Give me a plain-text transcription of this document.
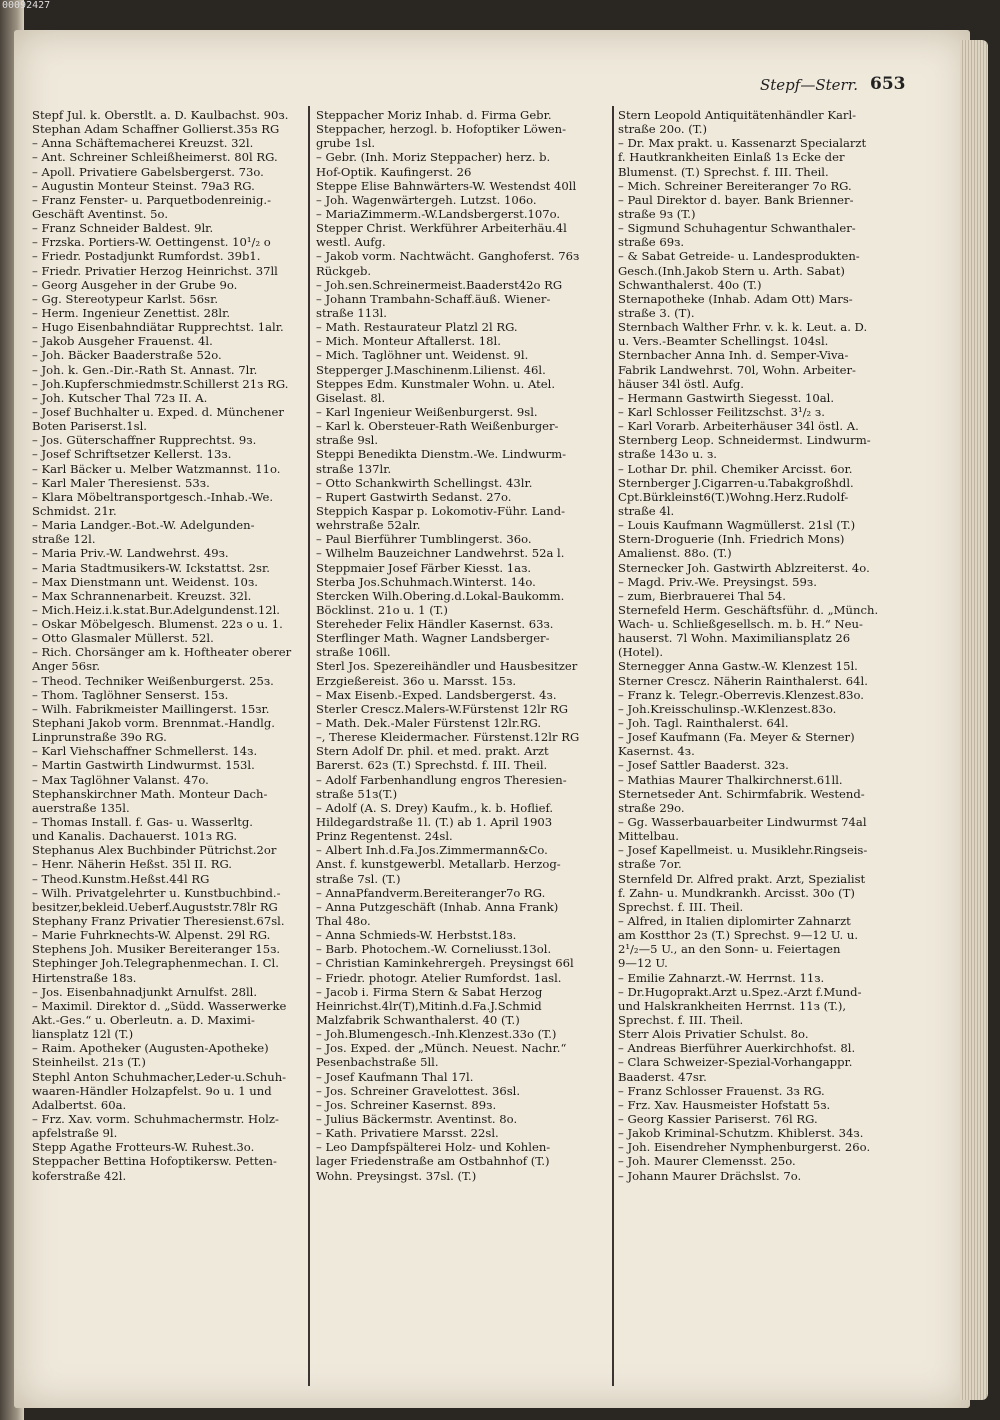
00092427
Stepf—Sterr. 653
Stepf Jul. k. Oberstlt. a. D. Kaulbachst. 90з.
Stephan Adam Schaffner Gollierst.35з RG
– Anna Schäftemacherei Kreuzst. 32l.
– Ant. Schreiner Schleißheimerst. 80l RG.
– Apoll. Privatiere Gabelsbergerst. 73o.
– Augustin Monteur Steinst. 79a3 RG.
– Franz Fenster- u. Parquetbodenreinig.-
Geschäft Aventinst. 5o.
– Franz Schneider Baldest. 9lr.
– Frzska. Portiers-W. Oettingenst. 10¹/₂ o
– Friedr. Postadjunkt Rumfordst. 39b1.
– Friedr. Privatier Herzog Heinrichst. 37ll
– Georg Ausgeher in der Grube 9o.
– Gg. Stereotypeur Karlst. 56sr.
– Herm. Ingenieur Zenettist. 28lr.
– Hugo Eisenbahndiätar Rupprechtst. 1alr.
– Jakob Ausgeher Frauenst. 4l.
– Joh. Bäcker Baaderstraße 52o.
– Joh. k. Gen.-Dir.-Rath St. Annast. 7lr.
– Joh.Kupferschmiedmstr.Schillerst 21з RG.
– Joh. Kutscher Thal 72з II. A.
– Josef Buchhalter u. Exped. d. Münchener
Boten Pariserst.1sl.
– Jos. Güterschaffner Rupprechtst. 9з.
– Josef Schriftsetzer Kellerst. 13з.
– Karl Bäcker u. Melber Watzmannst. 11o.
– Karl Maler Theresienst. 53з.
– Klara Möbeltransportgesch.-Inhab.-We.
Schmidst. 21r.
– Maria Landger.-Bot.-W. Adelgunden-
straße 12l.
– Maria Priv.-W. Landwehrst. 49з.
– Maria Stadtmusikers-W. Ickstattst. 2sr.
– Max Dienstmann unt. Weidenst. 10з.
– Max Schrannenarbeit. Kreuzst. 32l.
– Mich.Heiz.i.k.stat.Bur.Adelgundenst.12l.
– Oskar Möbelgesch. Blumenst. 22з o u. 1.
– Otto Glasmaler Müllerst. 52l.
– Rich. Chorsänger am k. Hoftheater oberer
Anger 56sr.
– Theod. Techniker Weißenburgerst. 25з.
– Thom. Taglöhner Senserst. 15з.
– Wilh. Fabrikmeister Maillingerst. 15зr.
Stephani Jakob vorm. Brennmat.-Handlg.
Linprunstraße 39o RG.
– Karl Viehschaffner Schmellerst. 14з.
– Martin Gastwirth Lindwurmst. 153l.
– Max Taglöhner Valanst. 47o.
Stephanskirchner Math. Monteur Dach-
auerstraße 135l.
– Thomas Install. f. Gas- u. Wasserltg.
und Kanalis. Dachauerst. 101з RG.
Stephanus Alex Buchbinder Pütrichst.2or
– Henr. Näherin Heßst. 35l II. RG.
– Theod.Kunstm.Heßst.44l RG
– Wilh. Privatgelehrter u. Kunstbuchbind.-
besitzer,bekleid.Ueberf.Auguststr.78lr RG
Stephany Franz Privatier Theresienst.67sl.
– Marie Fuhrknechts-W. Alpenst. 29l RG.
Stephens Joh. Musiker Bereiteranger 15з.
Stephinger Joh.Telegraphenmechan. I. Cl.
Hirtenstraße 18з.
– Jos. Eisenbahnadjunkt Arnulfst. 28ll.
– Maximil. Direktor d. „Südd. Wasserwerke
Akt.-Ges.“ u. Oberleutn. a. D. Maximi-
liansplatz 12l (T.)
– Raim. Apotheker (Augusten-Apotheke)
Steinheilst. 21з (T.)
Stephl Anton Schuhmacher,Leder-u.Schuh-
waaren-Händler Holzapfelst. 9o u. 1 und
Adalbertst. 60a.
– Frz. Xav. vorm. Schuhmachermstr. Holz-
apfelstraße 9l.
Stepp Agathe Frotteurs-W. Ruhest.3o.
Steppacher Bettina Hofoptikersw. Petten-
koferstraße 42l.
Steppacher Moriz Inhab. d. Firma Gebr.
Steppacher, herzogl. b. Hofoptiker Löwen-
grube 1sl.
– Gebr. (Inh. Moriz Steppacher) herz. b.
Hof-Optik. Kaufingerst. 26
Steppe Elise Bahnwärters-W. Westendst 40ll
– Joh. Wagenwärtergeh. Lutzst. 106o.
– MariaZimmerm.-W.Landsbergerst.107o.
Stepper Christ. Werkführer Arbeiterhäu.4l
westl. Aufg.
– Jakob vorm. Nachtwächt. Ganghoferst. 76з
Rückgeb.
– Joh.sen.Schreinermeist.Baaderst42o RG
– Johann Trambahn-Schaff.äuß. Wiener-
straße 113l.
– Math. Restaurateur Platzl 2l RG.
– Mich. Monteur Aftallerst. 18l.
– Mich. Taglöhner unt. Weidenst. 9l.
Stepperger J.Maschinenm.Lilienst. 46l.
Steppes Edm. Kunstmaler Wohn. u. Atel.
Giselast. 8l.
– Karl Ingenieur Weißenburgerst. 9sl.
– Karl k. Obersteuer-Rath Weißenburger-
straße 9sl.
Steppi Benedikta Dienstm.-We. Lindwurm-
straße 137lr.
– Otto Schankwirth Schellingst. 43lr.
– Rupert Gastwirth Sedanst. 27o.
Steppich Kaspar p. Lokomotiv-Führ. Land-
wehrstraße 52alr.
– Paul Bierführer Tumblingerst. 36o.
– Wilhelm Bauzeichner Landwehrst. 52a l.
Steppmaier Josef Färber Kiesst. 1aз.
Sterba Jos.Schuhmach.Winterst. 14o.
Stercken Wilh.Obering.d.Lokal-Baukomm.
Böcklinst. 21o u. 1 (T.)
Stereheder Felix Händler Kasernst. 63з.
Sterflinger Math. Wagner Landsberger-
straße 106ll.
Sterl Jos. Spezereihändler und Hausbesitzer
Erzgießereist. 36o u. Marsst. 15з.
– Max Eisenb.-Exped. Landsbergerst. 4з.
Sterler Crescz.Malers-W.Fürstenst 12lr RG
– Math. Dek.-Maler Fürstenst 12lr.RG.
–, Therese Kleidermacher. Fürstenst.12lr RG
Stern Adolf Dr. phil. et med. prakt. Arzt
Barerst. 62з (T.) Sprechstd. f. III. Theil.
– Adolf Farbenhandlung engros Theresien-
straße 51з(T.)
– Adolf (A. S. Drey) Kaufm., k. b. Hoflief.
Hildegardstraße 1l. (T.) ab 1. April 1903
Prinz Regentenst. 24sl.
– Albert Inh.d.Fa.Jos.Zimmermann&Co.
Anst. f. kunstgewerbl. Metallarb. Herzog-
straße 7sl. (T.)
– AnnaPfandverm.Bereiteranger7o RG.
– Anna Putzgeschäft (Inhab. Anna Frank)
Thal 48o.
– Anna Schmieds-W. Herbstst.18з.
– Barb. Photochem.-W. Corneliusst.13ol.
– Christian Kaminkehrergeh. Preysingst 66l
– Friedr. photogr. Atelier Rumfordst. 1asl.
– Jacob i. Firma Stern & Sabat Herzog
Heinrichst.4lr(T),Mitinh.d.Fa.J.Schmid
Malzfabrik Schwanthalerst. 40 (T.)
– Joh.Blumengesch.-Inh.Klenzest.33o (T.)
– Jos. Exped. der „Münch. Neuest. Nachr.“
Pesenbachstraße 5ll.
– Josef Kaufmann Thal 17l.
– Jos. Schreiner Gravelottest. 36sl.
– Jos. Schreiner Kasernst. 89з.
– Julius Bäckermstr. Aventinst. 8o.
– Kath. Privatiere Marsst. 22sl.
– Leo Dampfspälterei Holz- und Kohlen-
lager Friedenstraße am Ostbahnhof (T.)
Wohn. Preysingst. 37sl. (T.)
Stern Leopold Antiquitätenhändler Karl-
straße 20o. (T.)
– Dr. Max prakt. u. Kassenarzt Specialarzt
f. Hautkrankheiten Einlaß 1з Ecke der
Blumenst. (T.) Sprechst. f. III. Theil.
– Mich. Schreiner Bereiteranger 7o RG.
– Paul Direktor d. bayer. Bank Brienner-
straße 9з (T.)
– Sigmund Schuhagentur Schwanthaler-
straße 69з.
– & Sabat Getreide- u. Landesprodukten-
Gesch.(Inh.Jakob Stern u. Arth. Sabat)
Schwanthalerst. 40o (T.)
Sternapotheke (Inhab. Adam Ott) Mars-
straße 3. (T).
Sternbach Walther Frhr. v. k. k. Leut. a. D.
u. Vers.-Beamter Schellingst. 104sl.
Sternbacher Anna Inh. d. Semper-Viva-
Fabrik Landwehrst. 70l, Wohn. Arbeiter-
häuser 34l östl. Aufg.
– Hermann Gastwirth Siegesst. 10al.
– Karl Schlosser Feilitzschst. 3¹/₂ з.
– Karl Vorarb. Arbeiterhäuser 34l östl. A.
Sternberg Leop. Schneidermst. Lindwurm-
straße 143o u. з.
– Lothar Dr. phil. Chemiker Arcisst. 6or.
Sternberger J.Cigarren-u.Tabakgroßhdl.
Cpt.Bürkleinst6(T.)Wohng.Herz.Rudolf-
straße 4l.
– Louis Kaufmann Wagmüllerst. 21sl (T.)
Stern-Droguerie (Inh. Friedrich Mons)
Amalienst. 88o. (T.)
Sternecker Joh. Gastwirth Ablzreiterst. 4o.
– Magd. Priv.-We. Preysingst. 59з.
– zum, Bierbrauerei Thal 54.
Sternefeld Herm. Geschäftsführ. d. „Münch.
Wach- u. Schließgesellsch. m. b. H.“ Neu-
hauserst. 7l Wohn. Maximiliansplatz 26
(Hotel).
Sternegger Anna Gastw.-W. Klenzest 15l.
Sterner Crescz. Näherin Rainthalerst. 64l.
– Franz k. Telegr.-Oberrevis.Klenzest.83o.
– Joh.Kreisschulinsp.-W.Klenzest.83o.
– Joh. Tagl. Rainthalerst. 64l.
– Josef Kaufmann (Fa. Meyer & Sterner)
Kasernst. 4з.
– Josef Sattler Baaderst. 32з.
– Mathias Maurer Thalkirchnerst.61ll.
Sternetseder Ant. Schirmfabrik. Westend-
straße 29o.
– Gg. Wasserbauarbeiter Lindwurmst 74al
Mittelbau.
– Josef Kapellmeist. u. Musiklehr.Ringseis-
straße 7or.
Sternfeld Dr. Alfred prakt. Arzt, Spezialist
f. Zahn- u. Mundkrankh. Arcisst. 30o (T)
Sprechst. f. III. Theil.
– Alfred, in Italien diplomirter Zahnarzt
am Kostthor 2з (T.) Sprechst. 9—12 U. u.
2¹/₂—5 U., an den Sonn- u. Feiertagen
9—12 U.
– Emilie Zahnarzt.-W. Herrnst. 11з.
– Dr.Hugoprakt.Arzt u.Spez.-Arzt f.Mund-
und Halskrankheiten Herrnst. 11з (T.),
Sprechst. f. III. Theil.
Sterr Alois Privatier Schulst. 8o.
– Andreas Bierführer Auerkirchhofst. 8l.
– Clara Schweizer-Spezial-Vorhangappr.
Baaderst. 47sr.
– Franz Schlosser Frauenst. 3з RG.
– Frz. Xav. Hausmeister Hofstatt 5з.
– Georg Kassier Pariserst. 76l RG.
– Jakob Kriminal-Schutzm. Khiblerst. 34з.
– Joh. Eisendreher Nymphenburgerst. 26o.
– Joh. Maurer Clemensst. 25o.
– Johann Maurer Drächslst. 7o.
